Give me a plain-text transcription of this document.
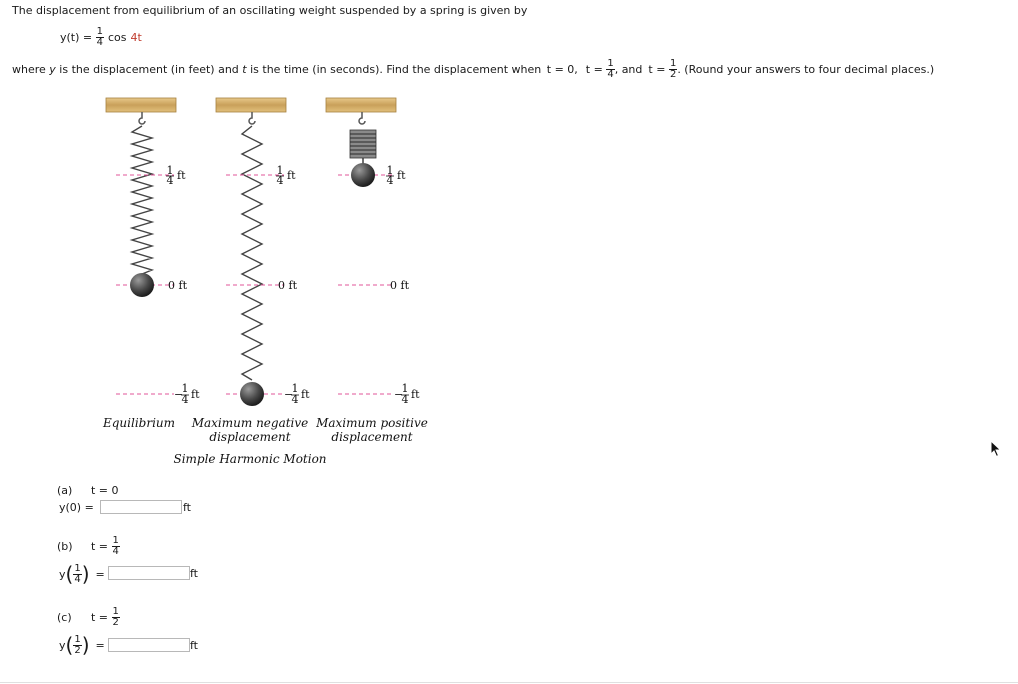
The displacement from equilibrium of an oscillating weight suspended by a spring is given by
$y(t) = \frac{1}{4}$ cos 4t
where y is the displacement (in feet) and t is the time (in seconds). Find the displacement when t = 0, $t = \frac{1}{4}$ , and $t = \frac{1}{2}$ . (Round your answers to four decimal places.)
1
4 ft	1
4 ft	1
4 ft
0 ft	0 ft	0 ft
−
1
4 ft	−
1
4 ft	−
1
4 ft
Equilibrium	Maximum negative
displacement
Maximum positive
displacement
Simple Harmonic Motion
(a) t = 0
y(0) =	ft
(b) $t = \frac{1}{4}$
y ( $\frac{1}{4}$ ) =	ft
(c) $t = \frac{1}{2}$
y ( $\frac{1}{2}$ ) =	ft
